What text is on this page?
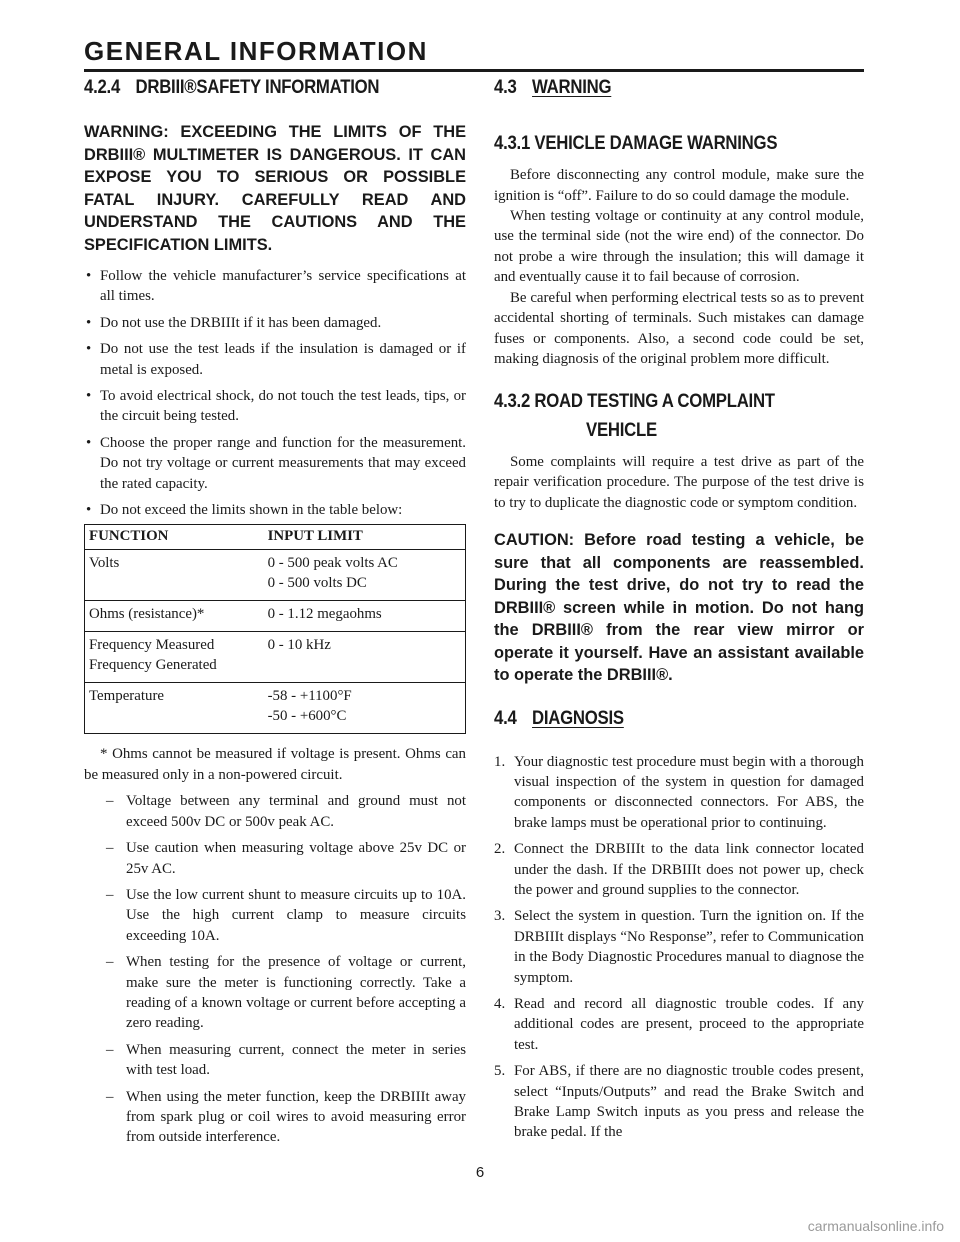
GENERAL INFORMATION
4.2.4 DRBIII®SAFETY INFORMATION

WARNING: EXCEEDING THE LIMITS OF THE DRBIII® MULTIMETER IS DANGEROUS. IT CAN EXPOSE YOU TO SERIOUS OR POSSIBLE FATAL INJURY. CAREFULLY READ AND UNDERSTAND THE CAUTIONS AND THE SPECIFICATION LIMITS.

• Follow the vehicle manufacturer’s service specifications at all times.

• Do not use the DRBIIIt if it has been damaged.

• Do not use the test leads if the insulation is damaged or if metal is exposed.

• To avoid electrical shock, do not touch the test leads, tips, or the circuit being tested.

• Choose the proper range and function for the measurement. Do not try voltage or current measurements that may exceed the rated capacity.

• Do not exceed the limits shown in the table below:

FUNCTION	INPUT LIMIT
Volts	0 - 500 peak volts AC
0 - 500 volts DC
Ohms (resistance)*	0 - 1.12 megaohms
Frequency Measured
Frequency Generated	0 - 10 kHz
Temperature	-58 - +1100°F
-50 - +600°C

* Ohms cannot be measured if voltage is present. Ohms can be measured only in a non-powered circuit.

– Voltage between any terminal and ground must not exceed 500v DC or 500v peak AC.

– Use caution when measuring voltage above 25v DC or 25v AC.

– Use the low current shunt to measure circuits up to 10A. Use the high current clamp to measure circuits exceeding 10A.

– When testing for the presence of voltage or current, make sure the meter is functioning correctly. Take a reading of a known voltage or current before accepting a zero reading.

– When measuring current, connect the meter in series with test load.

– When using the meter function, keep the DRBIIIt away from spark plug or coil wires to avoid measuring error from outside interference.

4.3 WARNING
4.3.1 VEHICLE DAMAGE WARNINGS

Before disconnecting any control module, make sure the ignition is “off”. Failure to do so could damage the module.

When testing voltage or continuity at any control module, use the terminal side (not the wire end) of the connector. Do not probe a wire through the insulation; this will damage it and eventually cause it to fail because of corrosion.

Be careful when performing electrical tests so as to prevent accidental shorting of terminals. Such mistakes can damage fuses or components. Also, a second code could be set, making diagnosis of the original problem more difficult.

4.3.2 ROAD TESTING A COMPLAINT
VEHICLE

Some complaints will require a test drive as part of the repair verification procedure. The purpose of the test drive is to try to duplicate the diagnostic code or symptom condition.

CAUTION: Before road testing a vehicle, be sure that all components are reassembled. During the test drive, do not try to read the DRBIII® screen while in motion. Do not hang the DRBIII® from the rear view mirror or operate it yourself. Have an assistant available to operate the DRBIII®.

4.4 DIAGNOSIS

1. Your diagnostic test procedure must begin with a thorough visual inspection of the system in question for damaged components or disconnected connectors. For ABS, the brake lamps must be operational prior to continuing.

2. Connect the DRBIIIt to the data link connector located under the dash. If the DRBIIIt does not power up, check the power and ground supplies to the connector.

3. Select the system in question. Turn the ignition on. If the DRBIIIt displays “No Response”, refer to Communication in the Body Diagnostic Procedures manual to diagnose the symptom.

4. Read and record all diagnostic trouble codes. If any additional codes are present, proceed to the appropriate test.

5. For ABS, if there are no diagnostic trouble codes present, select “Inputs/Outputs” and read the Brake Switch and Brake Lamp Switch inputs as you press and release the brake pedal. If the

6
carmanualsonline.info
